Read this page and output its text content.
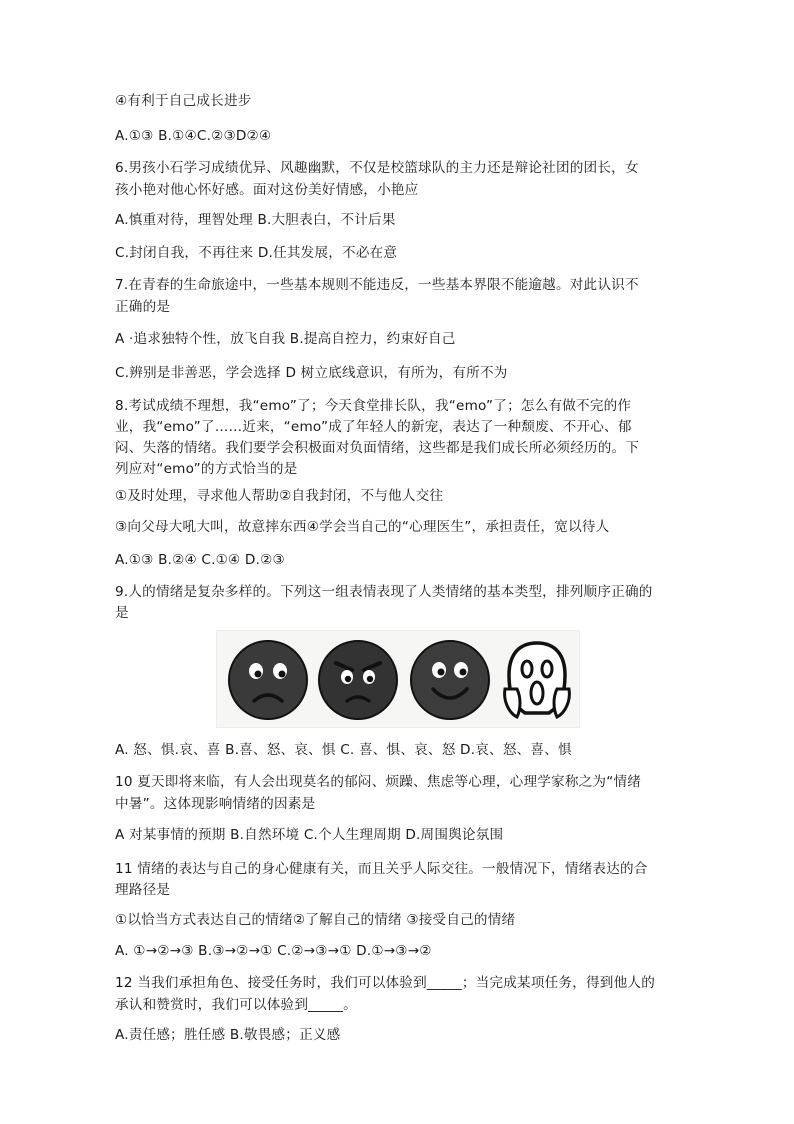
④有利于自己成长进步
A.①③ B.①④C.②③D②④
6.男孩小石学习成绩优异、风趣幽默，不仅是校篮球队的主力还是辩论社团的团长，女
孩小艳对他心怀好感。面对这份美好情感，小艳应
A.慎重对待，理智处理 B.大胆表白，不计后果
C.封闭自我，不再往来 D.任其发展，不必在意
7.在青春的生命旅途中，一些基本规则不能违反，一些基本界限不能逾越。对此认识不
正确的是
A ·追求独特个性，放飞自我 B.提高自控力，约束好自己
C.辨别是非善恶，学会选择 D 树立底线意识，有所为，有所不为
8.考试成绩不理想，我“emo”了；今天食堂排长队，我“emo”了；怎么有做不完的作
业，我“emo”了……近来，“emo”成了年轻人的新宠，表达了一种颓废、不开心、郁
闷、失落的情绪。我们要学会积极面对负面情绪，这些都是我们成长所必须经历的。下
列应对“emo”的方式恰当的是
①及时处理，寻求他人帮助②自我封闭，不与他人交往
③向父母大吼大叫，故意摔东西④学会当自己的“心理医生”，承担责任，宽以待人
A.①③ B.②④ C.①④ D.②③
9.人的情绪是复杂多样的。下列这一组表情表现了人类情绪的基本类型，排列顺序正确的
是
A. 怒、惧.哀、喜 B.喜、怒、哀、惧 C. 喜、惧、哀、怒 D.哀、怒、喜、惧
10 夏天即将来临，有人会出现莫名的郁闷、烦躁、焦虑等心理，心理学家称之为“情绪
中暑”。这体现影响情绪的因素是
A 对某事情的预期 B.自然环境 C.个人生理周期 D.周围舆论氛围
11 情绪的表达与自己的身心健康有关，而且关乎人际交往。一般情况下，情绪表达的合
理路径是
①以恰当方式表达自己的情绪②了解自己的情绪 ③接受自己的情绪
A. ①→②→③ B.③→②→① C.②→③→① D.①→③→②
12 当我们承担角色、接受任务时，我们可以体验到_____；当完成某项任务，得到他人的
承认和赞赏时，我们可以体验到_____。
A.责任感；胜任感 B.敬畏感；正义感
